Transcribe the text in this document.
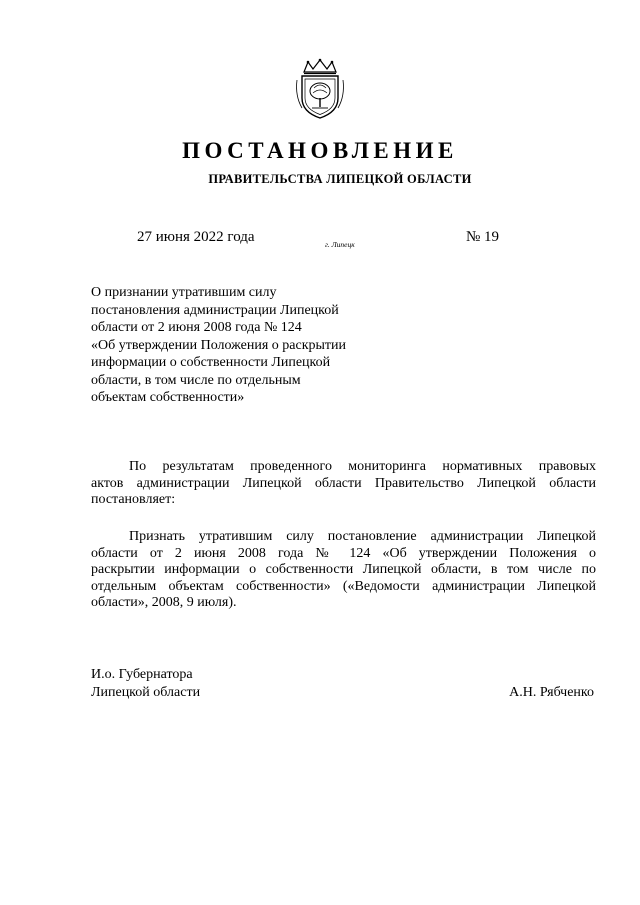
ПОСТАНОВЛЕНИЕ
ПРАВИТЕЛЬСТВА ЛИПЕЦКОЙ ОБЛАСТИ
27 июня 2022 года	г. Липецк	№ 19
О признании утратившим силу
постановления администрации Липецкой
области от 2 июня 2008 года № 124
«Об утверждении Положения о раскрытии
информации о собственности Липецкой
области, в том числе по отдельным
объектам собственности»
По результатам проведенного мониторинга нормативных правовых
актов администрации Липецкой области Правительство Липецкой области
постановляет:
Признать утратившим силу постановление администрации Липецкой
области от 2 июня 2008 года № 124 «Об утверждении Положения о
раскрытии информации о собственности Липецкой области, в том числе по
отдельным объектам собственности» («Ведомости администрации Липецкой
области», 2008, 9 июля).
И.о. Губернатора
Липецкой области	А.Н. Рябченко
